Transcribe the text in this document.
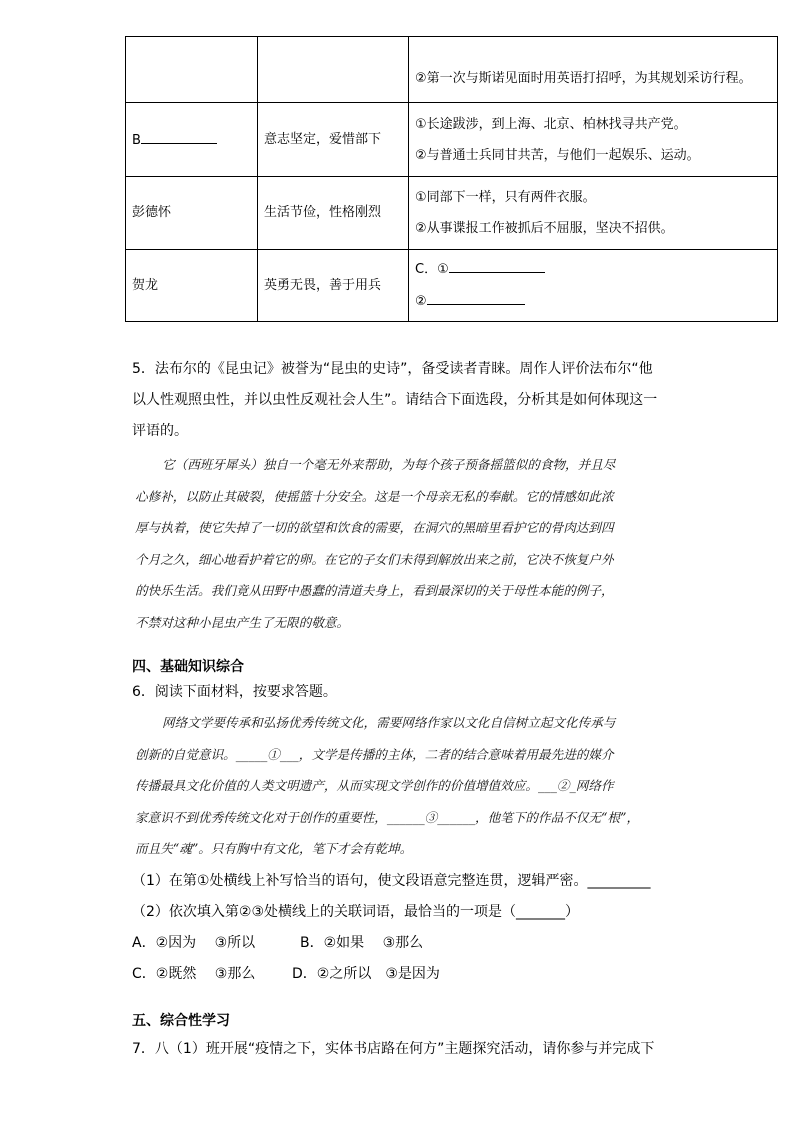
		②第一次与斯诺见面时用英语打招呼，为其规划采访行程。

B	意志坚定，爱惜部下	①长途跋涉，到上海、北京、柏林找寻共产党。
②与普通士兵同甘共苦，与他们一起娱乐、运动。

彭德怀	生活节俭，性格刚烈	①同部下一样，只有两件衣服。
②从事谍报工作被抓后不屈服，坚决不招供。

贺龙	英勇无畏，善于用兵	C．①
②
5．法布尔的《昆虫记》被誉为“昆虫的史诗”，备受读者青睐。周作人评价法布尔“他
以人性观照虫性，并以虫性反观社会人生”。请结合下面选段，分析其是如何体现这一
评语的。
它（西班牙犀头）独自一个毫无外来帮助，为每个孩子预备摇篮似的食物，并且尽
心修补，以防止其破裂，使摇篮十分安全。这是一个母亲无私的奉献。它的情感如此浓
厚与执着，使它失掉了一切的欲望和饮食的需要，在洞穴的黑暗里看护它的骨肉达到四
个月之久，细心地看护着它的卵。在它的子女们未得到解放出来之前，它决不恢复户外
的快乐生活。我们竟从田野中愚蠢的清道夫身上，看到最深切的关于母性本能的例子，
不禁对这种小昆虫产生了无限的敬意。
四、基础知识综合
6．阅读下面材料，按要求答题。
网络文学要传承和弘扬优秀传统文化，需要网络作家以文化自信树立起文化传承与
创新的自觉意识。_____①___，文学是传播的主体，二者的结合意味着用最先进的媒介
传播最具文化价值的人类文明遗产，从而实现文学创作的价值增值效应。___②_网络作
家意识不到优秀传统文化对于创作的重要性，______③______，他笔下的作品不仅无“根”，
而且失“魂”。只有胸中有文化，笔下才会有乾坤。
（1）在第①处横线上补写恰当的语句，使文段语意完整连贯，逻辑严密。_________
（2）依次填入第②③处横线上的关联词语，最恰当的一项是（_______）
A．②因为　 ③所以	B．②如果　 ③那么
C．②既然　 ③那么	D．②之所以　③是因为
五、综合性学习
7．八（1）班开展“疫情之下，实体书店路在何方”主题探究活动，请你参与并完成下
